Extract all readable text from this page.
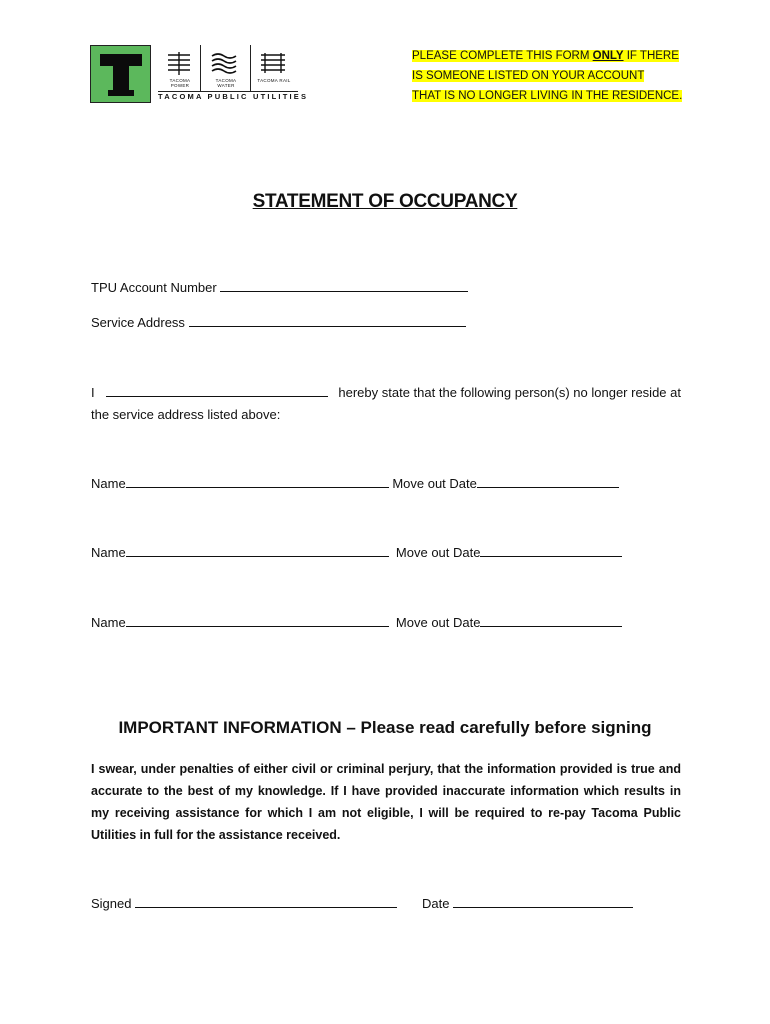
TACOMA POWER
TACOMA WATER
TACOMA RAIL
TACOMA PUBLIC UTILITIES
PLEASE COMPLETE THIS FORM ONLY IF THERE
IS SOMEONE LISTED ON YOUR ACCOUNT
THAT IS NO LONGER LIVING IN THE RESIDENCE.
STATEMENT OF OCCUPANCY
TPU Account Number
Service Address
I	hereby state that the following person(s) no longer reside at the service address listed above:
Name	Move out Date
Name	Move out Date
Name	Move out Date
IMPORTANT INFORMATION – Please read carefully before signing
I swear, under penalties of either civil or criminal perjury, that the information provided is true and accurate to the best of my knowledge. If I have provided inaccurate information which results in my receiving assistance for which I am not eligible, I will be required to re-pay Tacoma Public Utilities in full for the assistance received.
Signed	Date
